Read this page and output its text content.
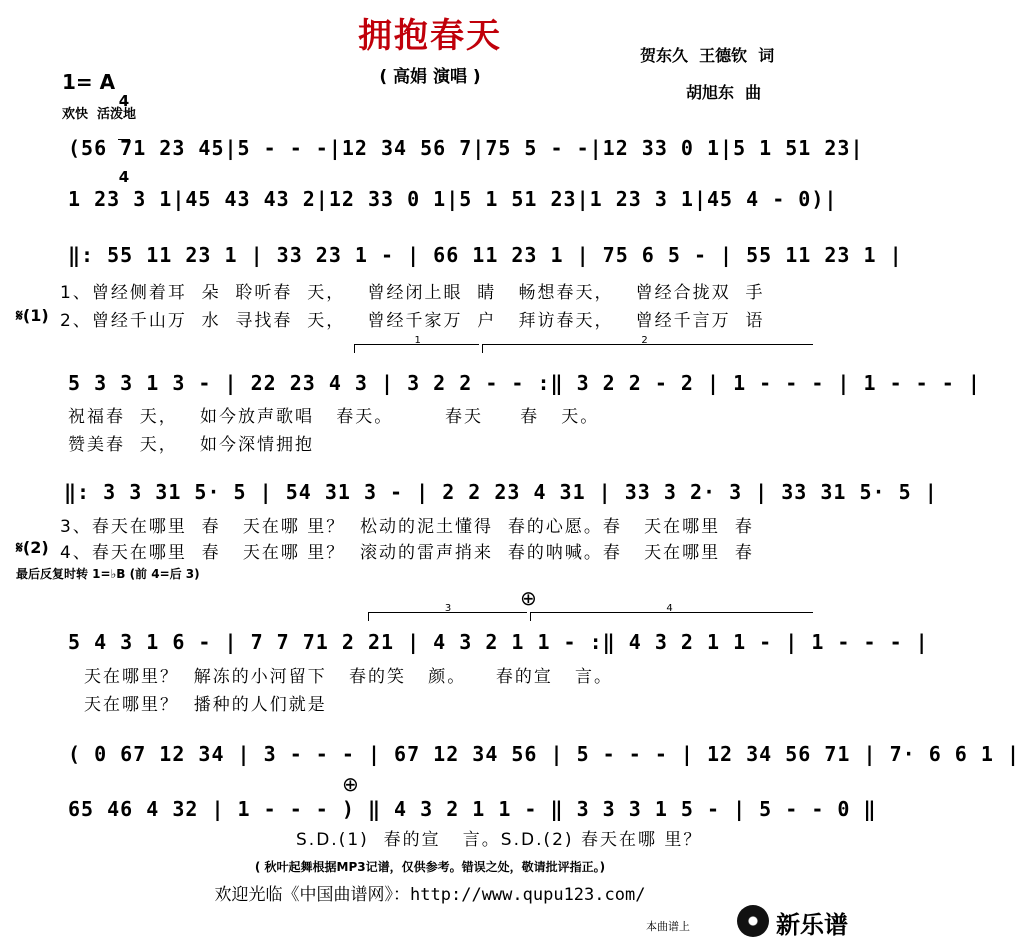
拥抱春天
( 高娟 演唱 )
贺东久  王德钦  词
胡旭东  曲
1= A

4

4

欢快  活泼地
(56 71 23 45|5 - - -|12 34 56 7|75 5 - -|12 33 0 1|5 1 51 23|
1 23 3 1|45 43 43 2|12 33 0 1|5 1 51 23|1 23 3 1|45 4 - 0)|
‖: 55 11 23 1 | 33 23 1 - | 66 11 23 1 | 75 6 5 - | 55 11 23 1 |
1、曾经侧着耳  朵  聆听春  天，   曾经闭上眼  睛   畅想春天，   曾经合拢双  手
𝄋(1) 2、曾经千山万  水  寻找春  天，   曾经千家万  户   拜访春天，   曾经千言万  语
1	2
5 3 3 1 3 - | 22 23 4 3 | 3 2 2 - - :‖ 3 2 2 - 2 | 1 - - - | 1 - - - |
祝福春  天，   如今放声歌唱   春天。       春天     春   天。
赞美春  天，   如今深情拥抱
‖: 3 3 31 5· 5 | 54 31 3 - | 2 2 23 4 31 | 33 3 2· 3 | 33 31 5· 5 |
3、春天在哪里  春   天在哪 里？  松动的泥土懂得  春的心愿。春   天在哪里  春
𝄋(2) 4、春天在哪里  春   天在哪 里？  滚动的雷声捎来  春的呐喊。春   天在哪里  春
最后反复时转 1=♭B (前 4=后 3)
⊕
3	4
5 4 3 1 6 - | 7 7 71 2 21 | 4 3 2 1 1 - :‖ 4 3 2 1 1 - | 1 - - - |
天在哪里？  解冻的小河留下   春的笑   颜。    春的宣   言。
天在哪里？  播种的人们就是
( 0 67 12 34 | 3 - - - | 67 12 34 56 | 5 - - - | 12 34 56 71 | 7· 6 6 1 |
⊕
65 46 4 32 | 1 - - - ) ‖ 4 3 2 1 1 - ‖ 3 3 3 1 5 - | 5 - - 0 ‖
S.D.(1)  春的宣   言。S.D.(2) 春天在哪 里？
( 秋叶起舞根据MP3记谱，仅供参考。错误之处，敬请批评指正。)
欢迎光临《中国曲谱网》：http://www.qupu123.com/
本曲谱上	新乐谱
